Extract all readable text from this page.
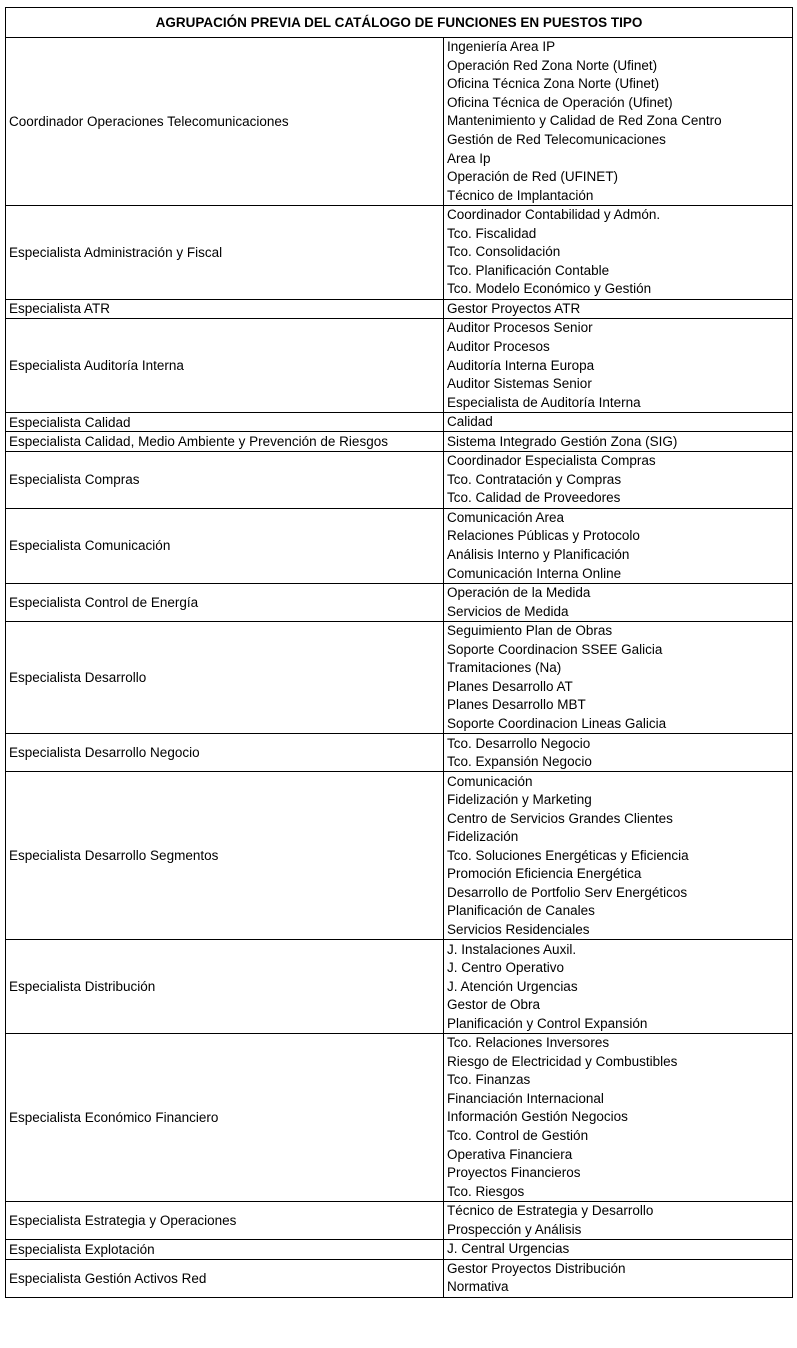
AGRUPACIÓN PREVIA DEL CATÁLOGO DE FUNCIONES EN PUESTOS TIPO	
Coordinador Operaciones Telecomunicaciones	Ingeniería Area IP
	Operación Red Zona Norte (Ufinet)
	Oficina Técnica Zona Norte (Ufinet)
	Oficina Técnica de Operación (Ufinet)
	Mantenimiento y Calidad de Red Zona Centro
	Gestión de Red Telecomunicaciones
	Area Ip
	Operación de Red (UFINET)
	Técnico de Implantación
Especialista Administración y Fiscal	Coordinador Contabilidad y Admón.
	Tco. Fiscalidad
	Tco. Consolidación
	Tco. Planificación Contable
	Tco. Modelo Económico y Gestión
Especialista ATR	Gestor Proyectos ATR
Especialista Auditoría Interna	Auditor Procesos Senior
	Auditor Procesos
	Auditoría Interna Europa
	Auditor Sistemas Senior
	Especialista de Auditoría Interna
Especialista Calidad	Calidad
Especialista Calidad, Medio Ambiente y Prevención de Riesgos	Sistema Integrado Gestión Zona (SIG)
Especialista Compras	Coordinador Especialista Compras
	Tco. Contratación y Compras
	Tco. Calidad de Proveedores
Especialista Comunicación	Comunicación Area
	Relaciones Públicas y Protocolo
	Análisis Interno y Planificación
	Comunicación Interna Online
Especialista Control de Energía	Operación de la Medida
	Servicios de Medida
Especialista Desarrollo	Seguimiento Plan de Obras
	Soporte Coordinacion SSEE Galicia
	Tramitaciones (Na)
	Planes Desarrollo AT
	Planes Desarrollo MBT
	Soporte Coordinacion Lineas Galicia
Especialista Desarrollo Negocio	Tco. Desarrollo Negocio
	Tco. Expansión Negocio
Especialista Desarrollo Segmentos	Comunicación
	Fidelización y Marketing
	Centro de Servicios Grandes Clientes
	Fidelización
	Tco. Soluciones Energéticas y Eficiencia
	Promoción Eficiencia Energética
	Desarrollo de Portfolio Serv Energéticos
	Planificación de Canales
	Servicios Residenciales
Especialista Distribución	J. Instalaciones Auxil.
	J. Centro Operativo
	J. Atención Urgencias
	Gestor de Obra
	Planificación y Control Expansión
Especialista Económico Financiero	Tco. Relaciones Inversores
	Riesgo de Electricidad y Combustibles
	Tco. Finanzas
	Financiación Internacional
	Información Gestión Negocios
	Tco. Control de Gestión
	Operativa Financiera
	Proyectos Financieros
	Tco. Riesgos
Especialista Estrategia y Operaciones	Técnico de Estrategia y Desarrollo
	Prospección y Análisis
Especialista Explotación	J. Central Urgencias
Especialista Gestión Activos Red	Gestor Proyectos Distribución
	Normativa
